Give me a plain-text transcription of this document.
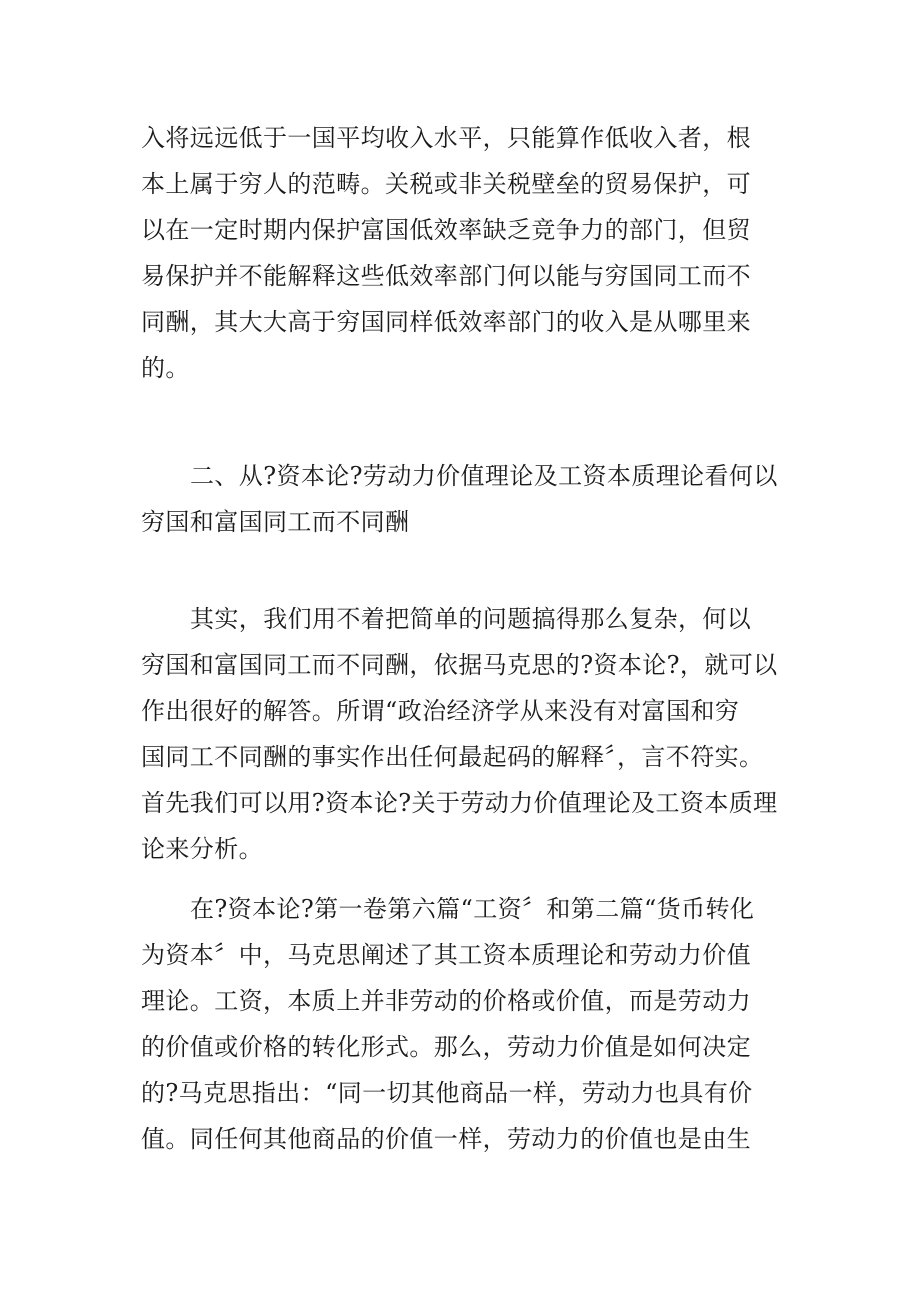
入将远远低于一国平均收入水平，只能算作低收入者，根
本上属于穷人的范畴。关税或非关税壁垒的贸易保护，可
以在一定时期内保护富国低效率缺乏竞争力的部门，但贸
易保护并不能解释这些低效率部门何以能与穷国同工而不
同酬，其大大高于穷国同样低效率部门的收入是从哪里来
的。
二、从?资本论?劳动力价值理论及工资本质理论看何以
穷国和富国同工而不同酬
其实，我们用不着把简单的问题搞得那么复杂，何以
穷国和富国同工而不同酬，依据马克思的?资本论?，就可以
作出很好的解答。所谓“政治经济学从来没有对富国和穷
国同工不同酬的事实作出任何最起码的解释〞，言不符实。
首先我们可以用?资本论?关于劳动力价值理论及工资本质理
论来分析。
在?资本论?第一卷第六篇“工资〞和第二篇“货币转化
为资本〞中，马克思阐述了其工资本质理论和劳动力价值
理论。工资，本质上并非劳动的价格或价值，而是劳动力
的价值或价格的转化形式。那么，劳动力价值是如何决定
的?马克思指出：“同一切其他商品一样，劳动力也具有价
值。同任何其他商品的价值一样，劳动力的价值也是由生
